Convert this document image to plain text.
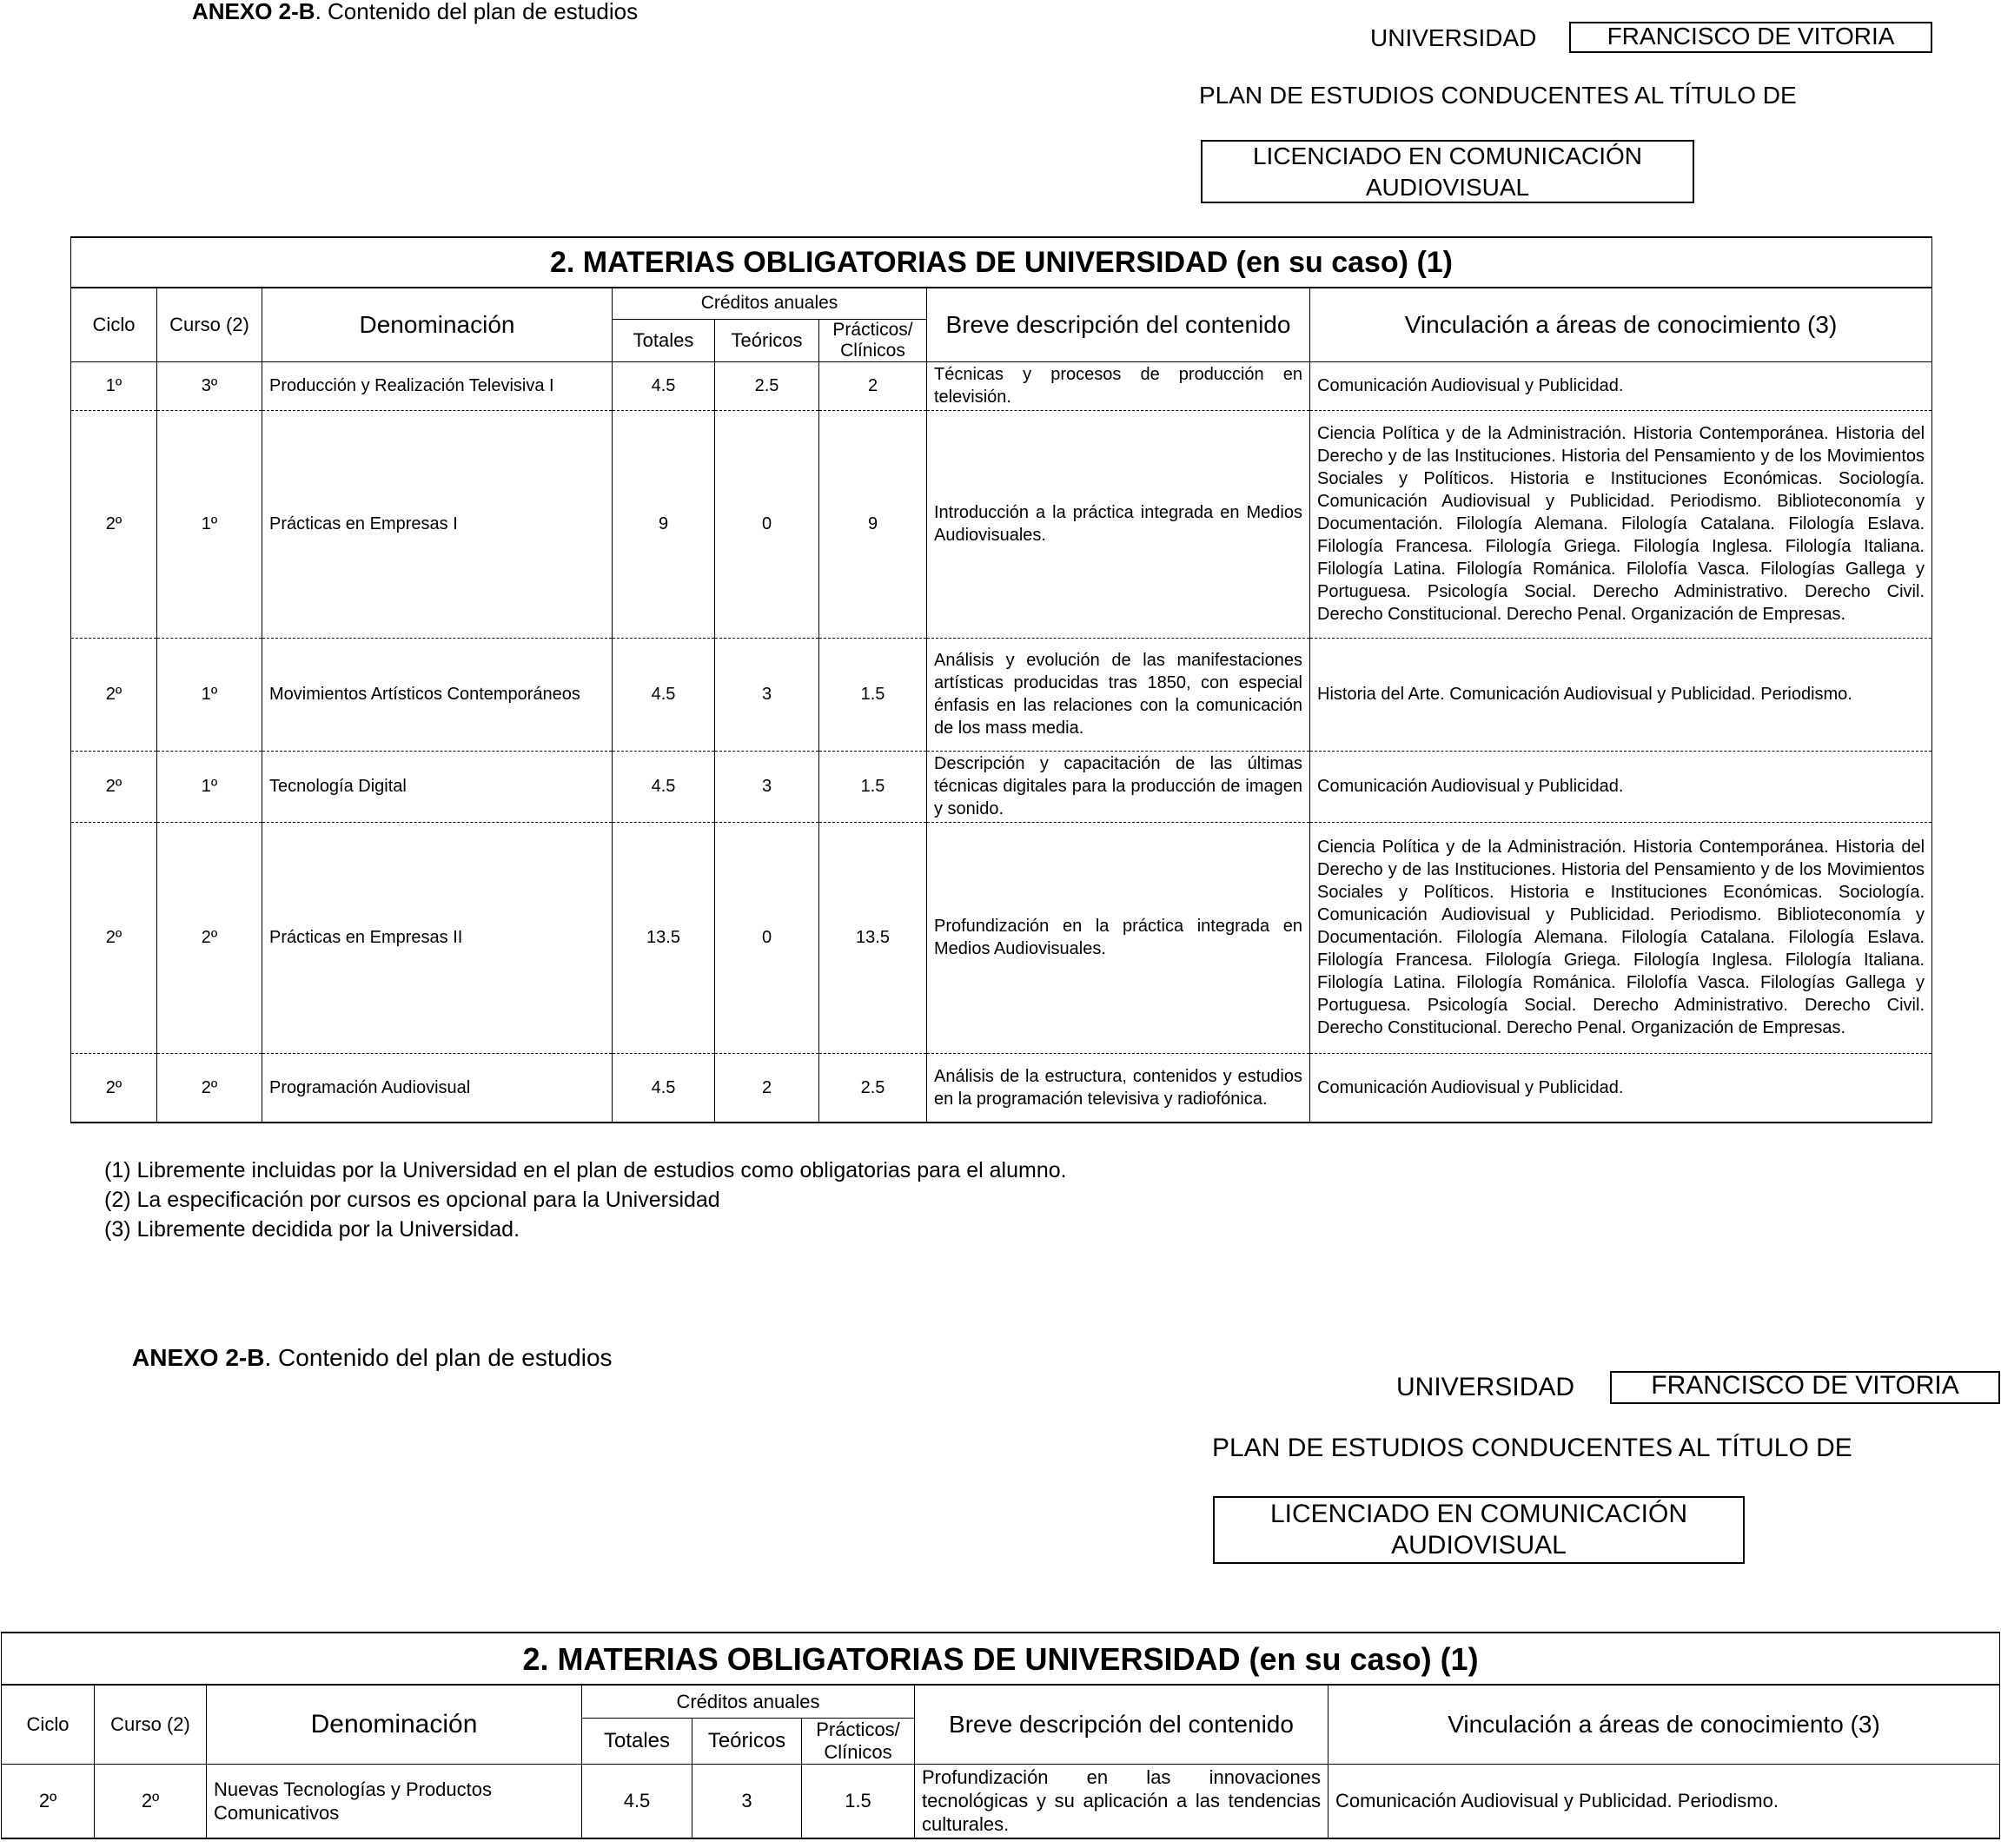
ANEXO 2-B. Contenido del plan de estudios
UNIVERSIDAD	FRANCISCO DE VITORIA
PLAN DE ESTUDIOS CONDUCENTES AL TÍTULO DE
LICENCIADO EN COMUNICACIÓN
AUDIOVISUAL
2. MATERIAS OBLIGATORIAS DE UNIVERSIDAD (en su caso) (1)							
Ciclo	Curso (2)	Denominación	Créditos anuales			Breve descripción del contenido	Vinculación a áreas de conocimiento (3)
			Totales	Teóricos	Prácticos/ Clínicos		
1º	3º	Producción y Realización Televisiva I	4.5	2.5	2	Técnicas y procesos de producción en televisión.	Comunicación Audiovisual y Publicidad.
2º	1º	Prácticas en Empresas I	9	0	9	Introducción a la práctica integrada en Medios Audiovisuales.	Ciencia Política y de la Administración. Historia Contemporánea. Historia del Derecho y de las Instituciones. Historia del Pensamiento y de los Movimientos Sociales y Políticos. Historia e Instituciones Económicas. Sociología. Comunicación Audiovisual y Publicidad. Periodismo. Biblioteconomía y Documentación. Filología Alemana. Filología Catalana. Filología Eslava. Filología Francesa. Filología Griega. Filología Inglesa. Filología Italiana. Filología Latina. Filología Románica. Filolofía Vasca. Filologías Gallega y Portuguesa. Psicología Social. Derecho Administrativo. Derecho Civil. Derecho Constitucional. Derecho Penal. Organización de Empresas.
2º	1º	Movimientos Artísticos Contemporáneos	4.5	3	1.5	Análisis y evolución de las manifestaciones artísticas producidas tras 1850, con especial énfasis en las relaciones con la comunicación de los mass media.	Historia del Arte. Comunicación Audiovisual y Publicidad. Periodismo.
2º	1º	Tecnología Digital	4.5	3	1.5	Descripción y capacitación de las últimas técnicas digitales para la producción de imagen y sonido.	Comunicación Audiovisual y Publicidad.
2º	2º	Prácticas en Empresas II	13.5	0	13.5	Profundización en la práctica integrada en Medios Audiovisuales.	Ciencia Política y de la Administración. Historia Contemporánea. Historia del Derecho y de las Instituciones. Historia del Pensamiento y de los Movimientos Sociales y Políticos. Historia e Instituciones Económicas. Sociología. Comunicación Audiovisual y Publicidad. Periodismo. Biblioteconomía y Documentación. Filología Alemana. Filología Catalana. Filología Eslava. Filología Francesa. Filología Griega. Filología Inglesa. Filología Italiana. Filología Latina. Filología Románica. Filolofía Vasca. Filologías Gallega y Portuguesa. Psicología Social. Derecho Administrativo. Derecho Civil. Derecho Constitucional. Derecho Penal. Organización de Empresas.
2º	2º	Programación Audiovisual	4.5	2	2.5	Análisis de la estructura, contenidos y estudios en la programación televisiva y radiofónica.	Comunicación Audiovisual y Publicidad.
(1) Libremente incluidas por la Universidad en el plan de estudios como obligatorias para el alumno.
(2) La especificación por cursos es opcional para la Universidad
(3) Libremente decidida por la Universidad.
ANEXO 2-B. Contenido del plan de estudios
UNIVERSIDAD	FRANCISCO DE VITORIA
PLAN DE ESTUDIOS CONDUCENTES AL TÍTULO DE
LICENCIADO EN COMUNICACIÓN
AUDIOVISUAL
2. MATERIAS OBLIGATORIAS DE UNIVERSIDAD (en su caso) (1)							
Ciclo	Curso (2)	Denominación	Créditos anuales			Breve descripción del contenido	Vinculación a áreas de conocimiento (3)
			Totales	Teóricos	Prácticos/ Clínicos		
2º	2º	Nuevas Tecnologías y Productos Comunicativos	4.5	3	1.5	Profundización en las innovaciones tecnológicas y su aplicación a las tendencias culturales.	Comunicación Audiovisual y Publicidad. Periodismo.
